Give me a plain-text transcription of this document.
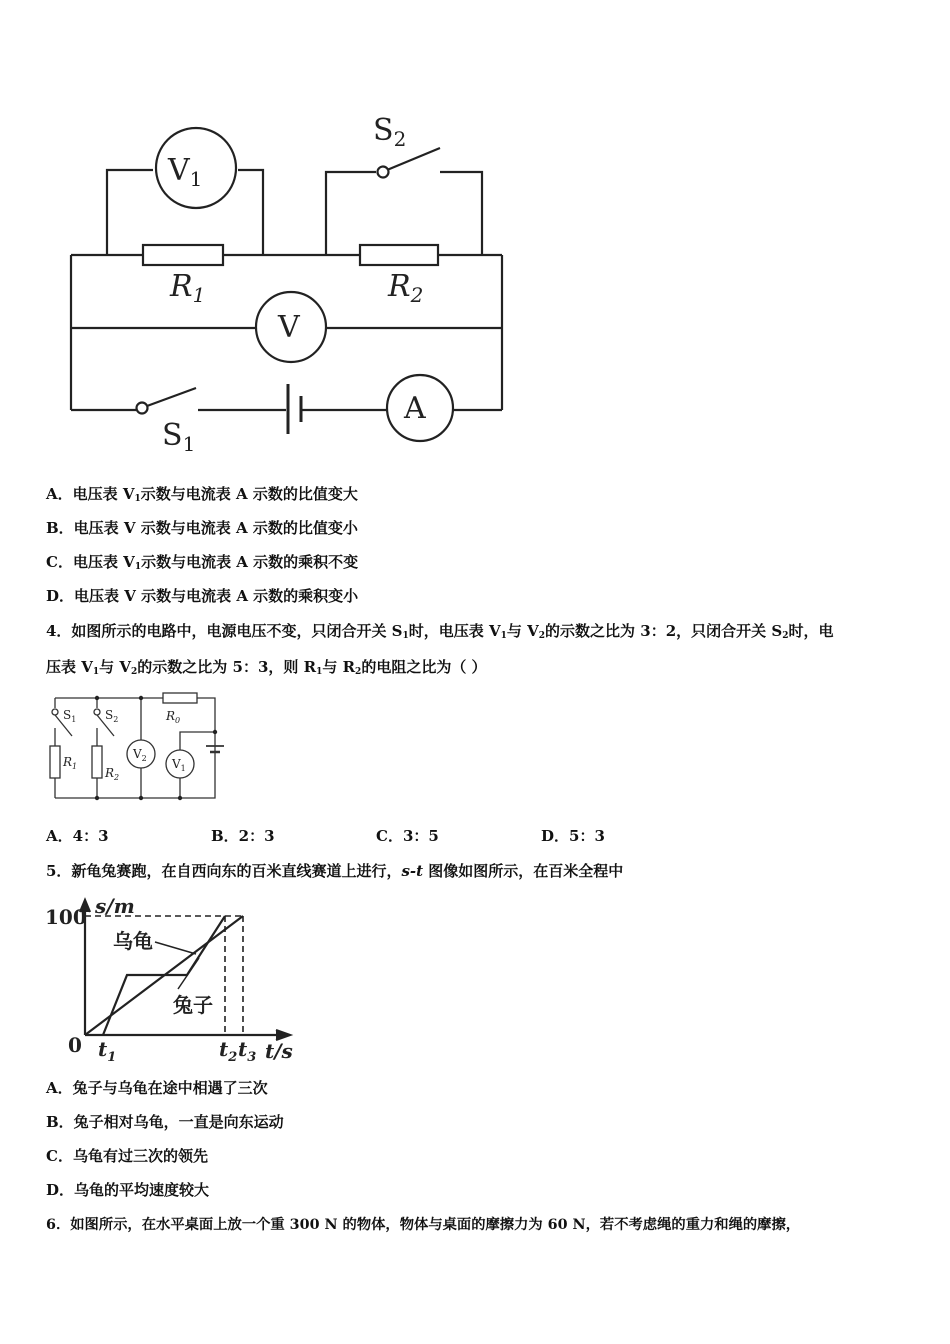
$V_1$
$S_2$
$R_1$	$R_2$
V
A
$S_1$
A．电压表 $V_1$示数与电流表 A 示数的比值变大
B．电压表 V 示数与电流表 A 示数的比值变小
C．电压表 $V_1$示数与电流表 A 示数的乘积不变
D．电压表 V 示数与电流表 A 示数的乘积变小
4．如图所示的电路中，电源电压不变，只闭合开关 $S_1$时，电压表 $V_1$与 $V_2$的示数之比为 3：2，只闭合开关 $S_2$时，电
压表 $V_1$与 $V_2$的示数之比为 5：3，则 $R_1$与 $R_2$的电阻之比为（ ）
$S_1$ $S_2$	$R_0$
$R_1$ $R_2$
$V_2$ $V_1$
A．4：3	B．2：3	C．3：5	D．5：3
5．新龟兔赛跑，在自西向东的百米直线赛道上进行，s-t 图像如图所示，在百米全程中
s/m
100
0	t/s
$t_1$	$t_2$ $t_3$
乌龟
兔子
A．兔子与乌龟在途中相遇了三次
B．兔子相对乌龟，一直是向东运动
C．乌龟有过三次的领先
D．乌龟的平均速度较大
6．如图所示，在水平桌面上放一个重 300 N 的物体，物体与桌面的摩擦力为 60 N，若不考虑绳的重力和绳的摩擦，
